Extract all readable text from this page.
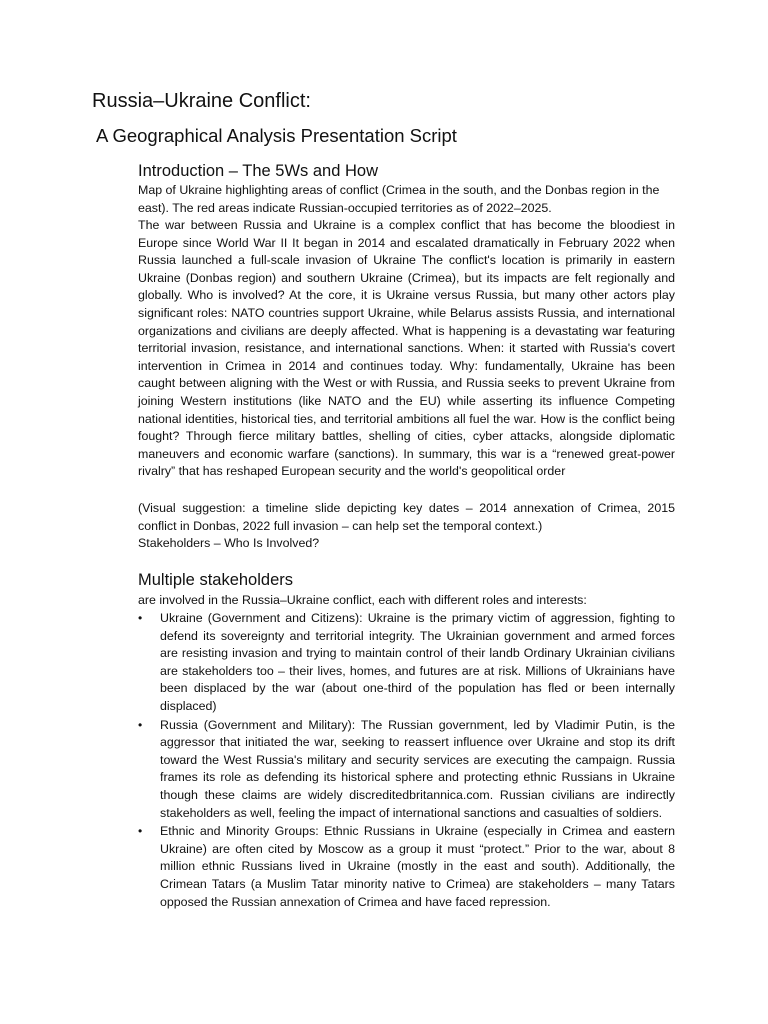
Russia–Ukraine Conflict:
A Geographical Analysis Presentation Script
Introduction – The 5Ws and How

Map of Ukraine highlighting areas of conflict (Crimea in the south, and the Donbas region in the east). The red areas indicate Russian-occupied territories as of 2022–2025.

The war between Russia and Ukraine is a complex conflict that has become the bloodiest in Europe since World War II It began in 2014 and escalated dramatically in February 2022 when Russia launched a full-scale invasion of Ukraine The conflict's location is primarily in eastern Ukraine (Donbas region) and southern Ukraine (Crimea), but its impacts are felt regionally and globally. Who is involved? At the core, it is Ukraine versus Russia, but many other actors play significant roles: NATO countries support Ukraine, while Belarus assists Russia, and international organizations and civilians are deeply affected. What is happening is a devastating war featuring territorial invasion, resistance, and international sanctions. When: it started with Russia's covert intervention in Crimea in 2014 and continues today. Why: fundamentally, Ukraine has been caught between aligning with the West or with Russia, and Russia seeks to prevent Ukraine from joining Western institutions (like NATO and the EU) while asserting its influence Competing national identities, historical ties, and territorial ambitions all fuel the war. How is the conflict being fought? Through fierce military battles, shelling of cities, cyber attacks, alongside diplomatic maneuvers and economic warfare (sanctions). In summary, this war is a “renewed great-power rivalry” that has reshaped European security and the world's geopolitical order

(Visual suggestion: a timeline slide depicting key dates – 2014 annexation of Crimea, 2015 conflict in Donbas, 2022 full invasion – can help set the temporal context.)

Stakeholders – Who Is Involved?

Multiple stakeholders

are involved in the Russia–Ukraine conflict, each with different roles and interests:

•	Ukraine (Government and Citizens): Ukraine is the primary victim of aggression, fighting to defend its sovereignty and territorial integrity. The Ukrainian government and armed forces are resisting invasion and trying to maintain control of their landb Ordinary Ukrainian civilians are stakeholders too – their lives, homes, and futures are at risk. Millions of Ukrainians have been displaced by the war (about one-third of the population has fled or been internally displaced)
•	Russia (Government and Military): The Russian government, led by Vladimir Putin, is the aggressor that initiated the war, seeking to reassert influence over Ukraine and stop its drift toward the West Russia's military and security services are executing the campaign. Russia frames its role as defending its historical sphere and protecting ethnic Russians in Ukraine though these claims are widely discreditedbritannica.com. Russian civilians are indirectly stakeholders as well, feeling the impact of international sanctions and casualties of soldiers.
•	Ethnic and Minority Groups: Ethnic Russians in Ukraine (especially in Crimea and eastern Ukraine) are often cited by Moscow as a group it must “protect.” Prior to the war, about 8 million ethnic Russians lived in Ukraine (mostly in the east and south). Additionally, the Crimean Tatars (a Muslim Tatar minority native to Crimea) are stakeholders – many Tatars opposed the Russian annexation of Crimea and have faced repression.
